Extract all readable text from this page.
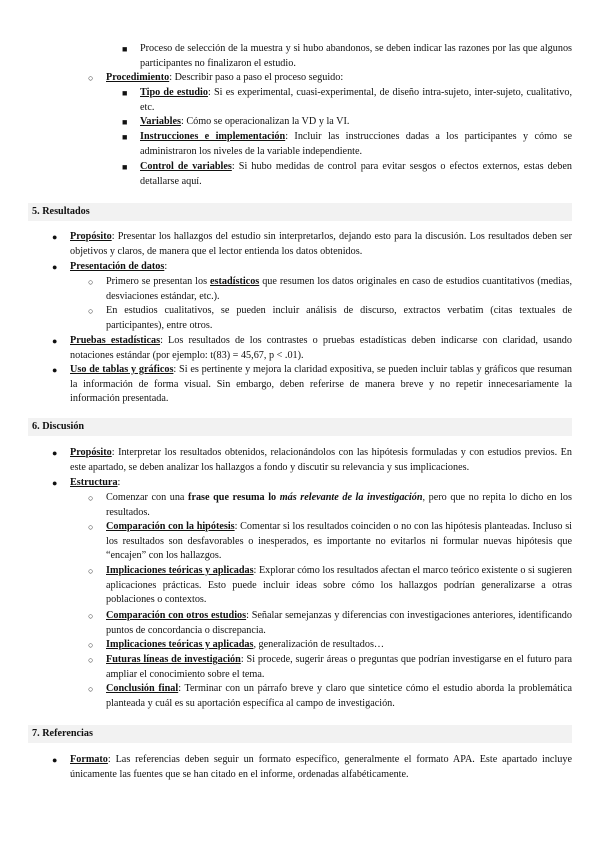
■ Proceso de selección de la muestra y si hubo abandonos, se deben indicar las razones por las que algunos participantes no finalizaron el estudio.
○ Procedimiento: Describir paso a paso el proceso seguido:
■ Tipo de estudio: Si es experimental, cuasi-experimental, de diseño intra-sujeto, inter-sujeto, cualitativo, etc.
■ Variables: Cómo se operacionalizan la VD y la VI.
■ Instrucciones e implementación: Incluir las instrucciones dadas a los participantes y cómo se administraron los niveles de la variable independiente.
■ Control de variables: Si hubo medidas de control para evitar sesgos o efectos externos, estas deben detallarse aquí.
5. Resultados
● Propósito: Presentar los hallazgos del estudio sin interpretarlos, dejando esto para la discusión. Los resultados deben ser objetivos y claros, de manera que el lector entienda los datos obtenidos.
● Presentación de datos:
○ Primero se presentan los estadísticos que resumen los datos originales en caso de estudios cuantitativos (medias, desviaciones estándar, etc.).
○ En estudios cualitativos, se pueden incluir análisis de discurso, extractos verbatim (citas textuales de participantes), entre otros.
● Pruebas estadísticas: Los resultados de los contrastes o pruebas estadísticas deben indicarse con claridad, usando notaciones estándar (por ejemplo: t(83) = 45,67, p < .01).
● Uso de tablas y gráficos: Si es pertinente y mejora la claridad expositiva, se pueden incluir tablas y gráficos que resuman la información de forma visual. Sin embargo, deben referirse de manera breve y no repetir innecesariamente la información presentada.
6. Discusión
● Propósito: Interpretar los resultados obtenidos, relacionándolos con las hipótesis formuladas y con estudios previos. En este apartado, se deben analizar los hallazgos a fondo y discutir su relevancia y sus implicaciones.
● Estructura:
○ Comenzar con una frase que resuma lo más relevante de la investigación, pero que no repita lo dicho en los resultados.
○ Comparación con la hipótesis: Comentar si los resultados coinciden o no con las hipótesis planteadas. Incluso si los resultados son desfavorables o inesperados, es importante no evitarlos ni formular nuevas hipótesis que “encajen” con los hallazgos.
○ Implicaciones teóricas y aplicadas: Explorar cómo los resultados afectan el marco teórico existente o si sugieren aplicaciones prácticas. Esto puede incluir ideas sobre cómo los hallazgos podrían generalizarse a otras poblaciones o contextos.
○ Comparación con otros estudios: Señalar semejanzas y diferencias con investigaciones anteriores, identificando puntos de concordancia o discrepancia.
○ Implicaciones teóricas y aplicadas, generalización de resultados…
○ Futuras líneas de investigación: Si procede, sugerir áreas o preguntas que podrían investigarse en el futuro para ampliar el conocimiento sobre el tema.
○ Conclusión final: Terminar con un párrafo breve y claro que sintetice cómo el estudio aborda la problemática planteada y cuál es su aportación específica al campo de investigación.
7. Referencias
● Formato: Las referencias deben seguir un formato específico, generalmente el formato APA. Este apartado incluye únicamente las fuentes que se han citado en el informe, ordenadas alfabéticamente.
